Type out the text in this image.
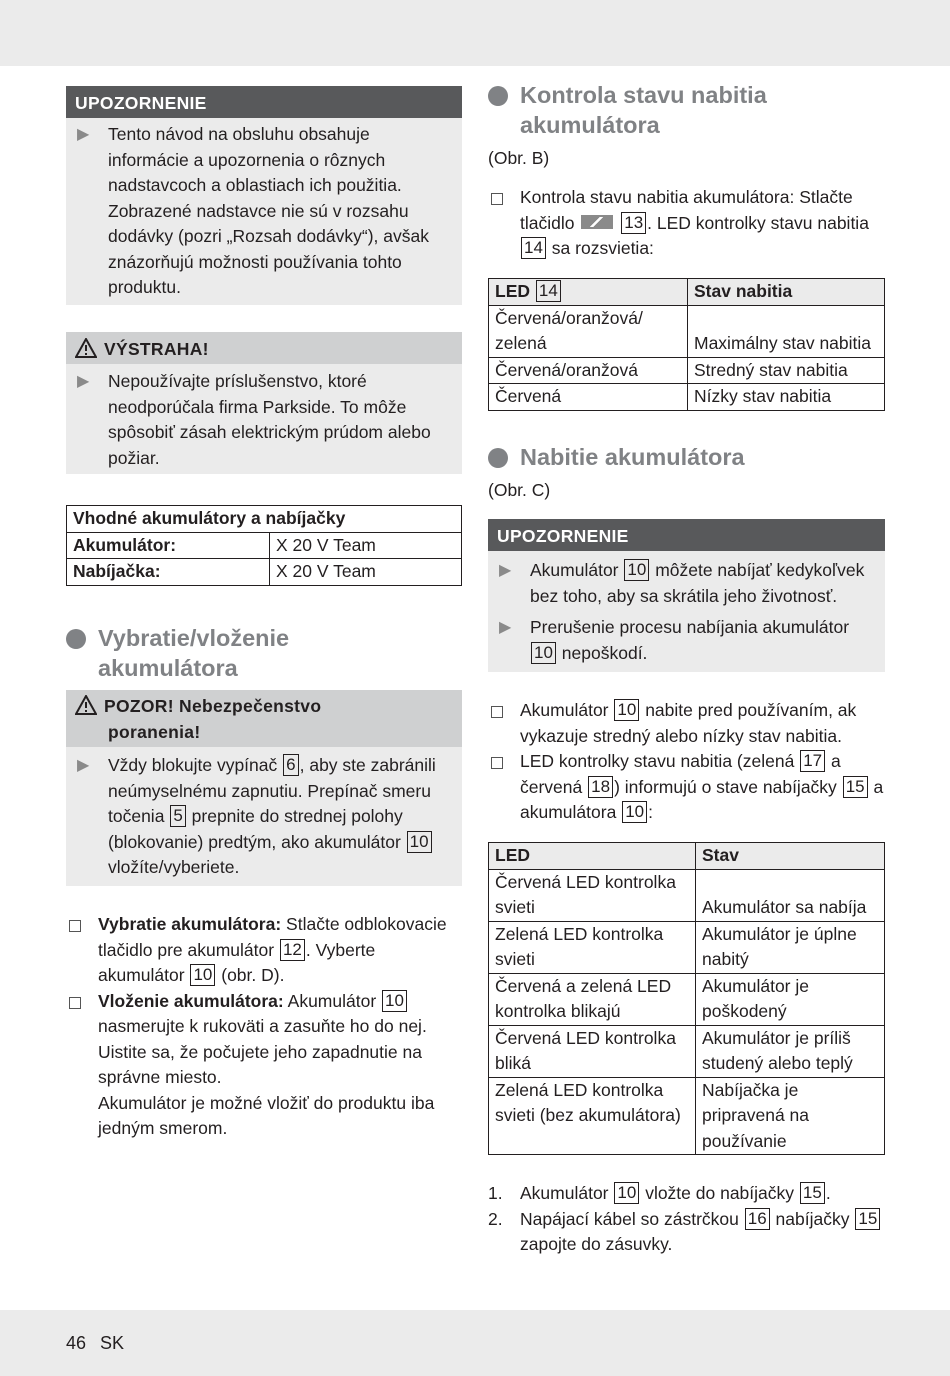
UPOZORNENIE
▶ Tento návod na obsluhu obsahuje informácie a upozornenia o rôznych nadstavcoch a oblastiach ich použitia. Zobrazené nadstavce nie sú v rozsahu dodávky (pozri „Rozsah dodávky“), avšak znázorňujú možnosti používania tohto produktu.
VÝSTRAHA!
▶ Nepoužívajte príslušenstvo, ktoré neodporúčala firma Parkside. To môže spôsobiť zásah elektrickým prúdom alebo požiar.
Vhodné akumulátory a nabíjačky	
Akumulátor:	X 20 V Team
Nabíjačka:	X 20 V Team
Vybratie/vloženie
akumulátora
POZOR! Nebezpečenstvo
poranenia!
▶ Vždy blokujte vypínač 6 , aby ste zabránili neúmyselnému zapnutiu. Prepínač smeru točenia 5 prepnite do strednej polohy (blokovanie) predtým, ako akumulátor 10 vložíte/vyberiete.
Vybratie akumulátora: Stlačte odblokovacie tlačidlo pre akumulátor 12 . Vyberte akumulátor 10 (obr. D).
Vloženie akumulátora: Akumulátor 10 nasmerujte k rukoväti a zasuňte ho do nej. Uistite sa, že počujete jeho zapadnutie na správne miesto.
Akumulátor je možné vložiť do produktu iba jedným smerom.
Kontrola stavu nabitia
akumulátora
(Obr. B)
Kontrola stavu nabitia akumulátora: Stlačte tlačidlo	13 . LED kontrolky stavu nabitia 14 sa rozsvietia:
LED 14	Stav nabitia
Červená/oranžová/ zelená	Maximálny stav nabitia
Červená/oranžová	Stredný stav nabitia
Červená	Nízky stav nabitia
Nabitie akumulátora
(Obr. C)
UPOZORNENIE
▶ Akumulátor 10 môžete nabíjať kedykoľvek bez toho, aby sa skrátila jeho životnosť.
▶ Prerušenie procesu nabíjania akumulátor 10 nepoškodí.
Akumulátor 10 nabite pred používaním, ak vykazuje stredný alebo nízky stav nabitia.
LED kontrolky stavu nabitia (zelená 17 a červená 18 ) informujú o stave nabíjačky 15 a akumulátora 10 :
LED	Stav
Červená LED kontrolka svieti	Akumulátor sa nabíja
Zelená LED kontrolka svieti	Akumulátor je úplne nabitý
Červená a zelená LED kontrolka blikajú	Akumulátor je poškodený
Červená LED kontrolka bliká	Akumulátor je príliš studený alebo teplý
Zelená LED kontrolka svieti (bez akumulátora)	Nabíjačka je pripravená na používanie
1. Akumulátor 10 vložte do nabíjačky 15 .
2. Napájací kábel so zástrčkou 16 nabíjačky 15 zapojte do zásuvky.
46 SK
